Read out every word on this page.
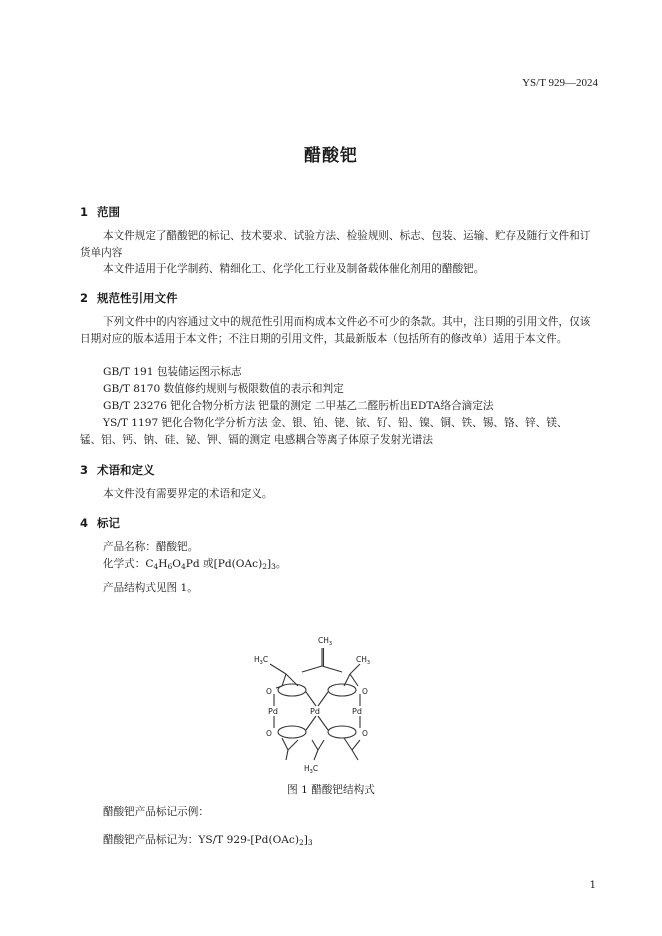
YS/T 929—2024
醋酸钯
1 范围
本文件规定了醋酸钯的标记、技术要求、试验方法、检验规则、标志、包装、运输、贮存及随行文件和订货单内容
本文件适用于化学制药、精细化工、化学化工行业及制备载体催化剂用的醋酸钯。
2 规范性引用文件
下列文件中的内容通过文中的规范性引用而构成本文件必不可少的条款。其中，注日期的引用文件，仅该日期对应的版本适用于本文件；不注日期的引用文件，其最新版本（包括所有的修改单）适用于本文件。
GB/T 191 包装储运图示标志
GB/T 8170 数值修约规则与极限数值的表示和判定
GB/T 23276 钯化合物分析方法 钯量的测定 二甲基乙二醛肟析出EDTA络合滴定法
YS/T 1197 钯化合物化学分析方法 金、银、铂、铑、铱、钌、铅、镍、铜、铁、锡、铬、锌、镁、
锰、铝、钙、钠、硅、铋、钾、镉的测定 电感耦合等离子体原子发射光谱法
3 术语和定义
本文件没有需要界定的术语和定义。
4 标记
产品名称：醋酸钯。
化学式：$C_4H_6O_4Pd$ 或$[Pd(OAc)_2]_3$。
产品结构式见图 1。
$CH_3$
$H_3C$	$CH_3$
Pd	Pd	Pd
O	O
O	O
$H_3C$
图 1 醋酸钯结构式
醋酸钯产品标记示例：
醋酸钯产品标记为：YS/T $929-[Pd(OAc)_2]_3$
1
